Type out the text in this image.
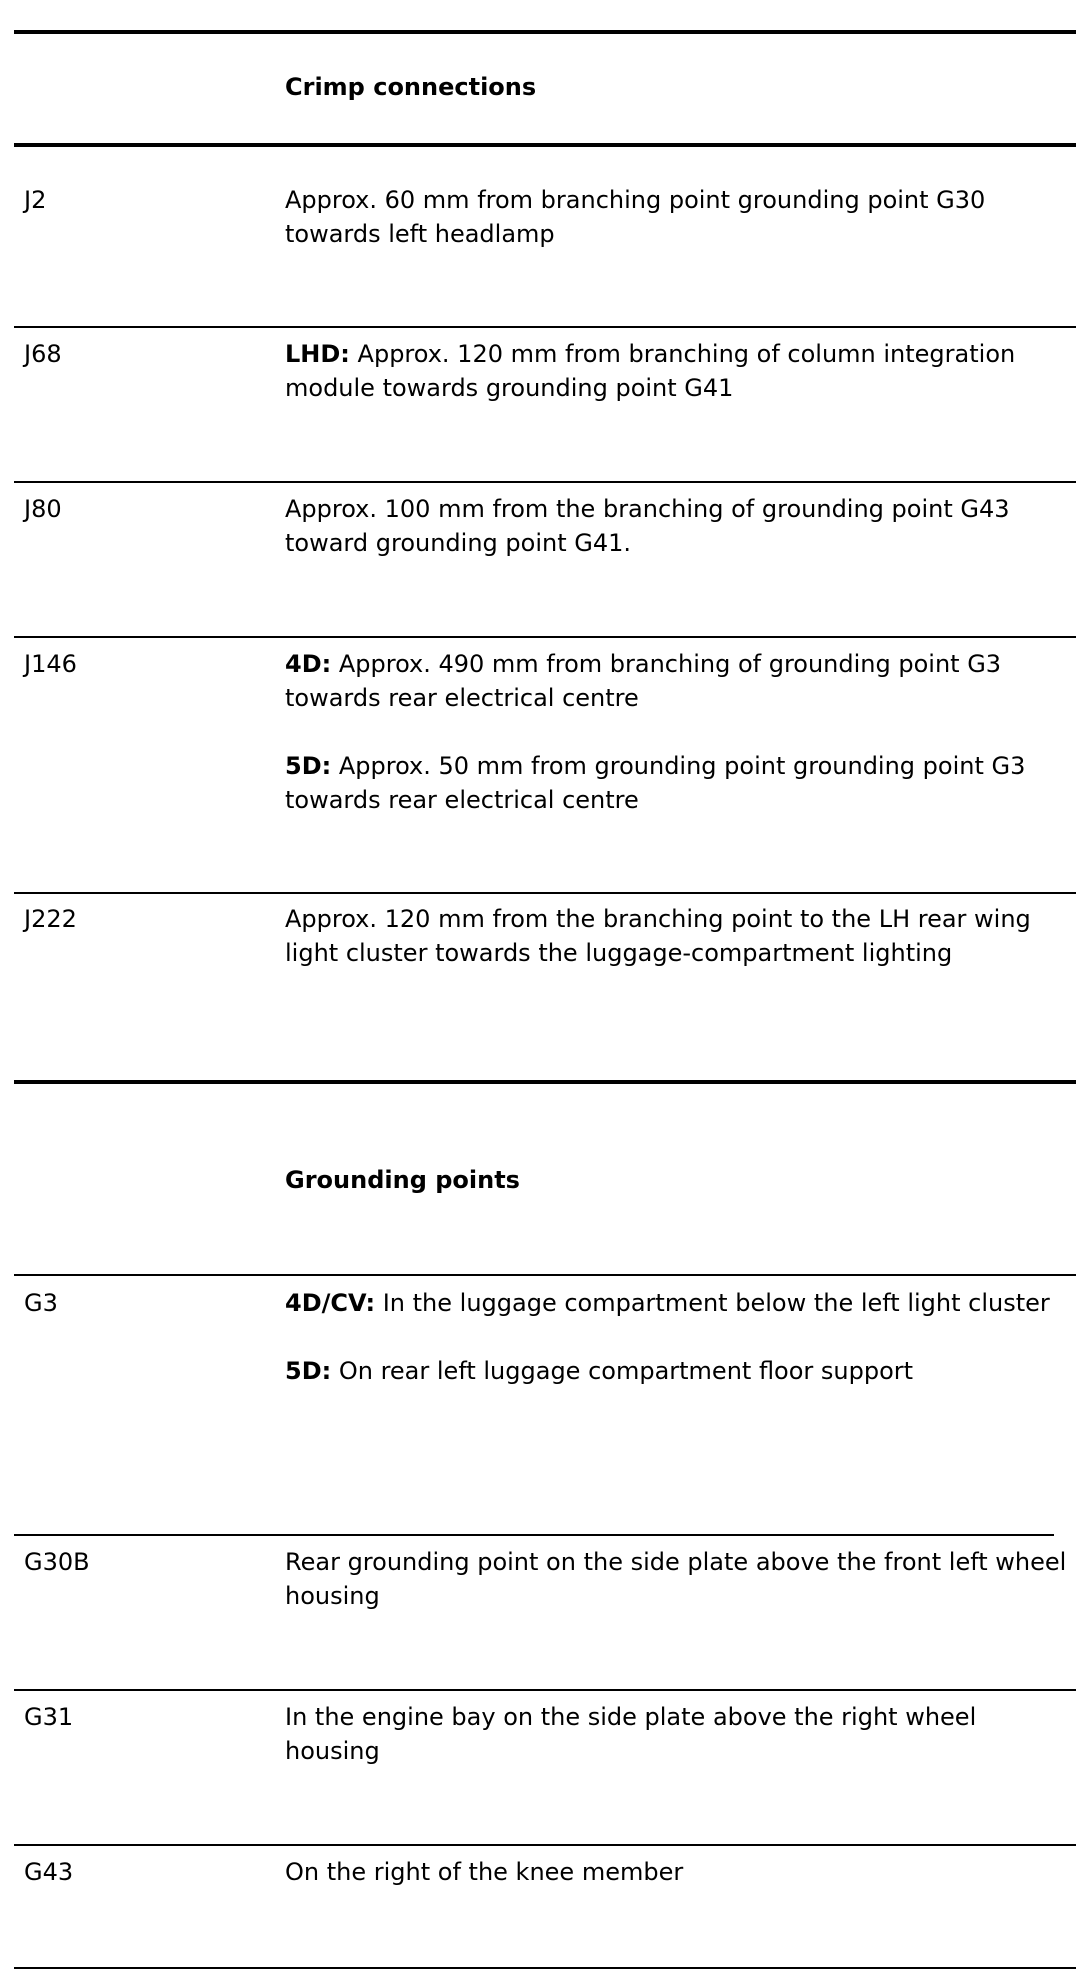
Crimp connections
J2	Approx. 60 mm from branching point grounding point G30 towards left headlamp

J68	LHD: Approx. 120 mm from branching of column integration module towards grounding point G41

J80	Approx. 100 mm from the branching of grounding point G43 toward grounding point G41.

J146	4D: Approx. 490 mm from branching of grounding point G3 towards rear electrical centre

5D: Approx. 50 mm from grounding point grounding point G3 towards rear electrical centre

J222	Approx. 120 mm from the branching point to the LH rear wing light cluster towards the luggage-compartment lighting

Grounding points
G3	4D/CV: In the luggage compartment below the left light cluster

5D: On rear left luggage compartment floor support

G30B	Rear grounding point on the side plate above the front left wheel housing

G31	In the engine bay on the side plate above the right wheel housing

G43	On the right of the knee member
